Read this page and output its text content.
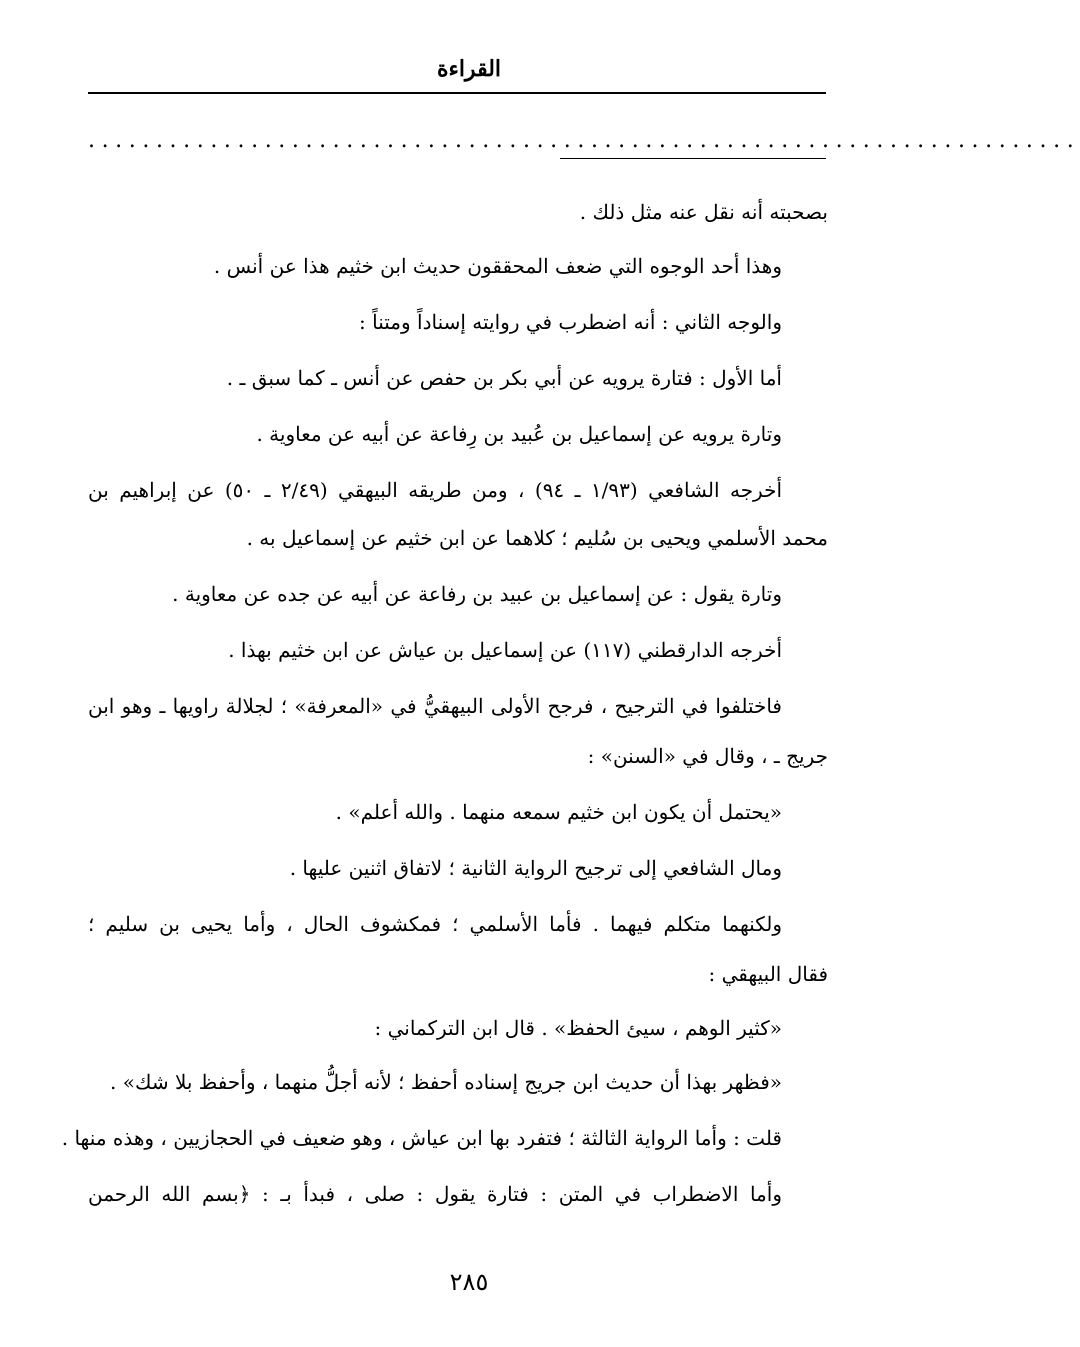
القراءة
.........................................................................
بصحبته أنه نقل عنه مثل ذلك .
وهذا أحد الوجوه التي ضعف المحققون حديث ابن خثيم هذا عن أنس .
والوجه الثاني : أنه اضطرب في روايته إسناداً ومتناً :
أما الأول : فتارة يرويه عن أبي بكر بن حفص عن أنس ـ كما سبق ـ .
وتارة يرويه عن إسماعيل بن عُبيد بن رِفاعة عن أبيه عن معاوية .
أخرجه الشافعي (١/٩٣ ـ ٩٤) ، ومن طريقه البيهقي (٢/٤٩ ـ ٥٠) عن إبراهيم بن
محمد الأسلمي ويحيى بن سُليم ؛ كلاهما عن ابن خثيم عن إسماعيل به .
وتارة يقول : عن إسماعيل بن عبيد بن رفاعة عن أبيه عن جده عن معاوية .
أخرجه الدارقطني (١١٧) عن إسماعيل بن عياش عن ابن خثيم بهذا .
فاختلفوا في الترجيح ، فرجح الأولى البيهقيُّ في «المعرفة» ؛ لجلالة راويها ـ وهو ابن
جريج ـ ، وقال في «السنن» :
«يحتمل أن يكون ابن خثيم سمعه منهما . والله أعلم» .
ومال الشافعي إلى ترجيح الرواية الثانية ؛ لاتفاق اثنين عليها .
ولكنهما متكلم فيهما . فأما الأسلمي ؛ فمكشوف الحال ، وأما يحيى بن سليم ؛
فقال البيهقي :
«كثير الوهم ، سيئ الحفظ» . قال ابن التركماني :
«فظهر بهذا أن حديث ابن جريج إسناده أحفظ ؛ لأنه أجلُّ منهما ، وأحفظ بلا شك» .
قلت : وأما الرواية الثالثة ؛ فتفرد بها ابن عياش ، وهو ضعيف في الحجازيين ، وهذه منها .
وأما الاضطراب في المتن : فتارة يقول : صلى ، فبدأ بـ : ﴿بسم الله الرحمن
٢٨٥
